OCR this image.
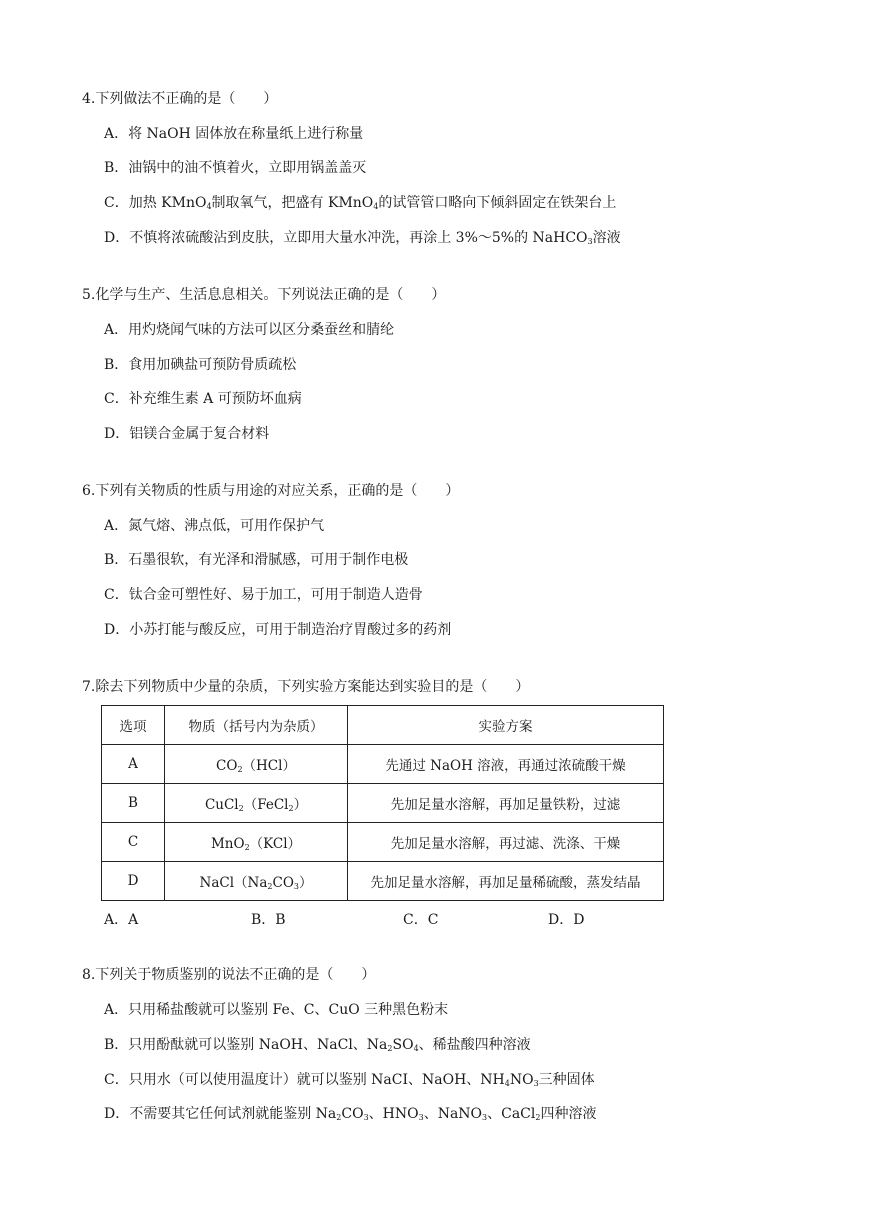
4.下列做法不正确的是（　　）
A．将 NaOH 固体放在称量纸上进行称量
B．油锅中的油不慎着火，立即用锅盖盖灭
C．加热 KMnO$_4$制取氧气，把盛有 KMnO$_4$的试管管口略向下倾斜固定在铁架台上
D．不慎将浓硫酸沾到皮肤，立即用大量水冲洗，再涂上 3%～5%的 NaHCO$_3$溶液
5.化学与生产、生活息息相关。下列说法正确的是（　　）
A．用灼烧闻气味的方法可以区分桑蚕丝和腈纶
B．食用加碘盐可预防骨质疏松
C．补充维生素 A 可预防坏血病
D．铝镁合金属于复合材料
6.下列有关物质的性质与用途的对应关系，正确的是（　　）
A．氮气熔、沸点低，可用作保护气
B．石墨很软，有光泽和滑腻感，可用于制作电极
C．钛合金可塑性好、易于加工，可用于制造人造骨
D．小苏打能与酸反应，可用于制造治疗胃酸过多的药剂
7.除去下列物质中少量的杂质，下列实验方案能达到实验目的是（　　）
选项	物质（括号内为杂质）	实验方案
A	$CO_2(HCl)$	先通过 NaOH 溶液，再通过浓硫酸干燥
B	CuCl$_2$（FeCl$_2$）	先加足量水溶解，再加足量铁粉，过滤
C	MnO$_2$（KCl）	先加足量水溶解，再过滤、洗涤、干燥
D	$NaCl(Na_2CO_3)$	先加足量水溶解，再加足量稀硫酸，蒸发结晶
A．A	B．B	C．C	D．D
8.下列关于物质鉴别的说法不正确的是（　　）
A．只用稀盐酸就可以鉴别 Fe、C、CuO 三种黑色粉末
B．只用酚酞就可以鉴别 NaOH、NaCl、$Na_2SO_4$、稀盐酸四种溶液
C．只用水（可以使用温度计）就可以鉴别 NaCI、NaOH、$NH_4NO_3$三种固体
D．不需要其它任何试剂就能鉴别 $Na_2CO_3$、$HNO_3$、NaNO$_3$、CaCl$_2$四种溶液
